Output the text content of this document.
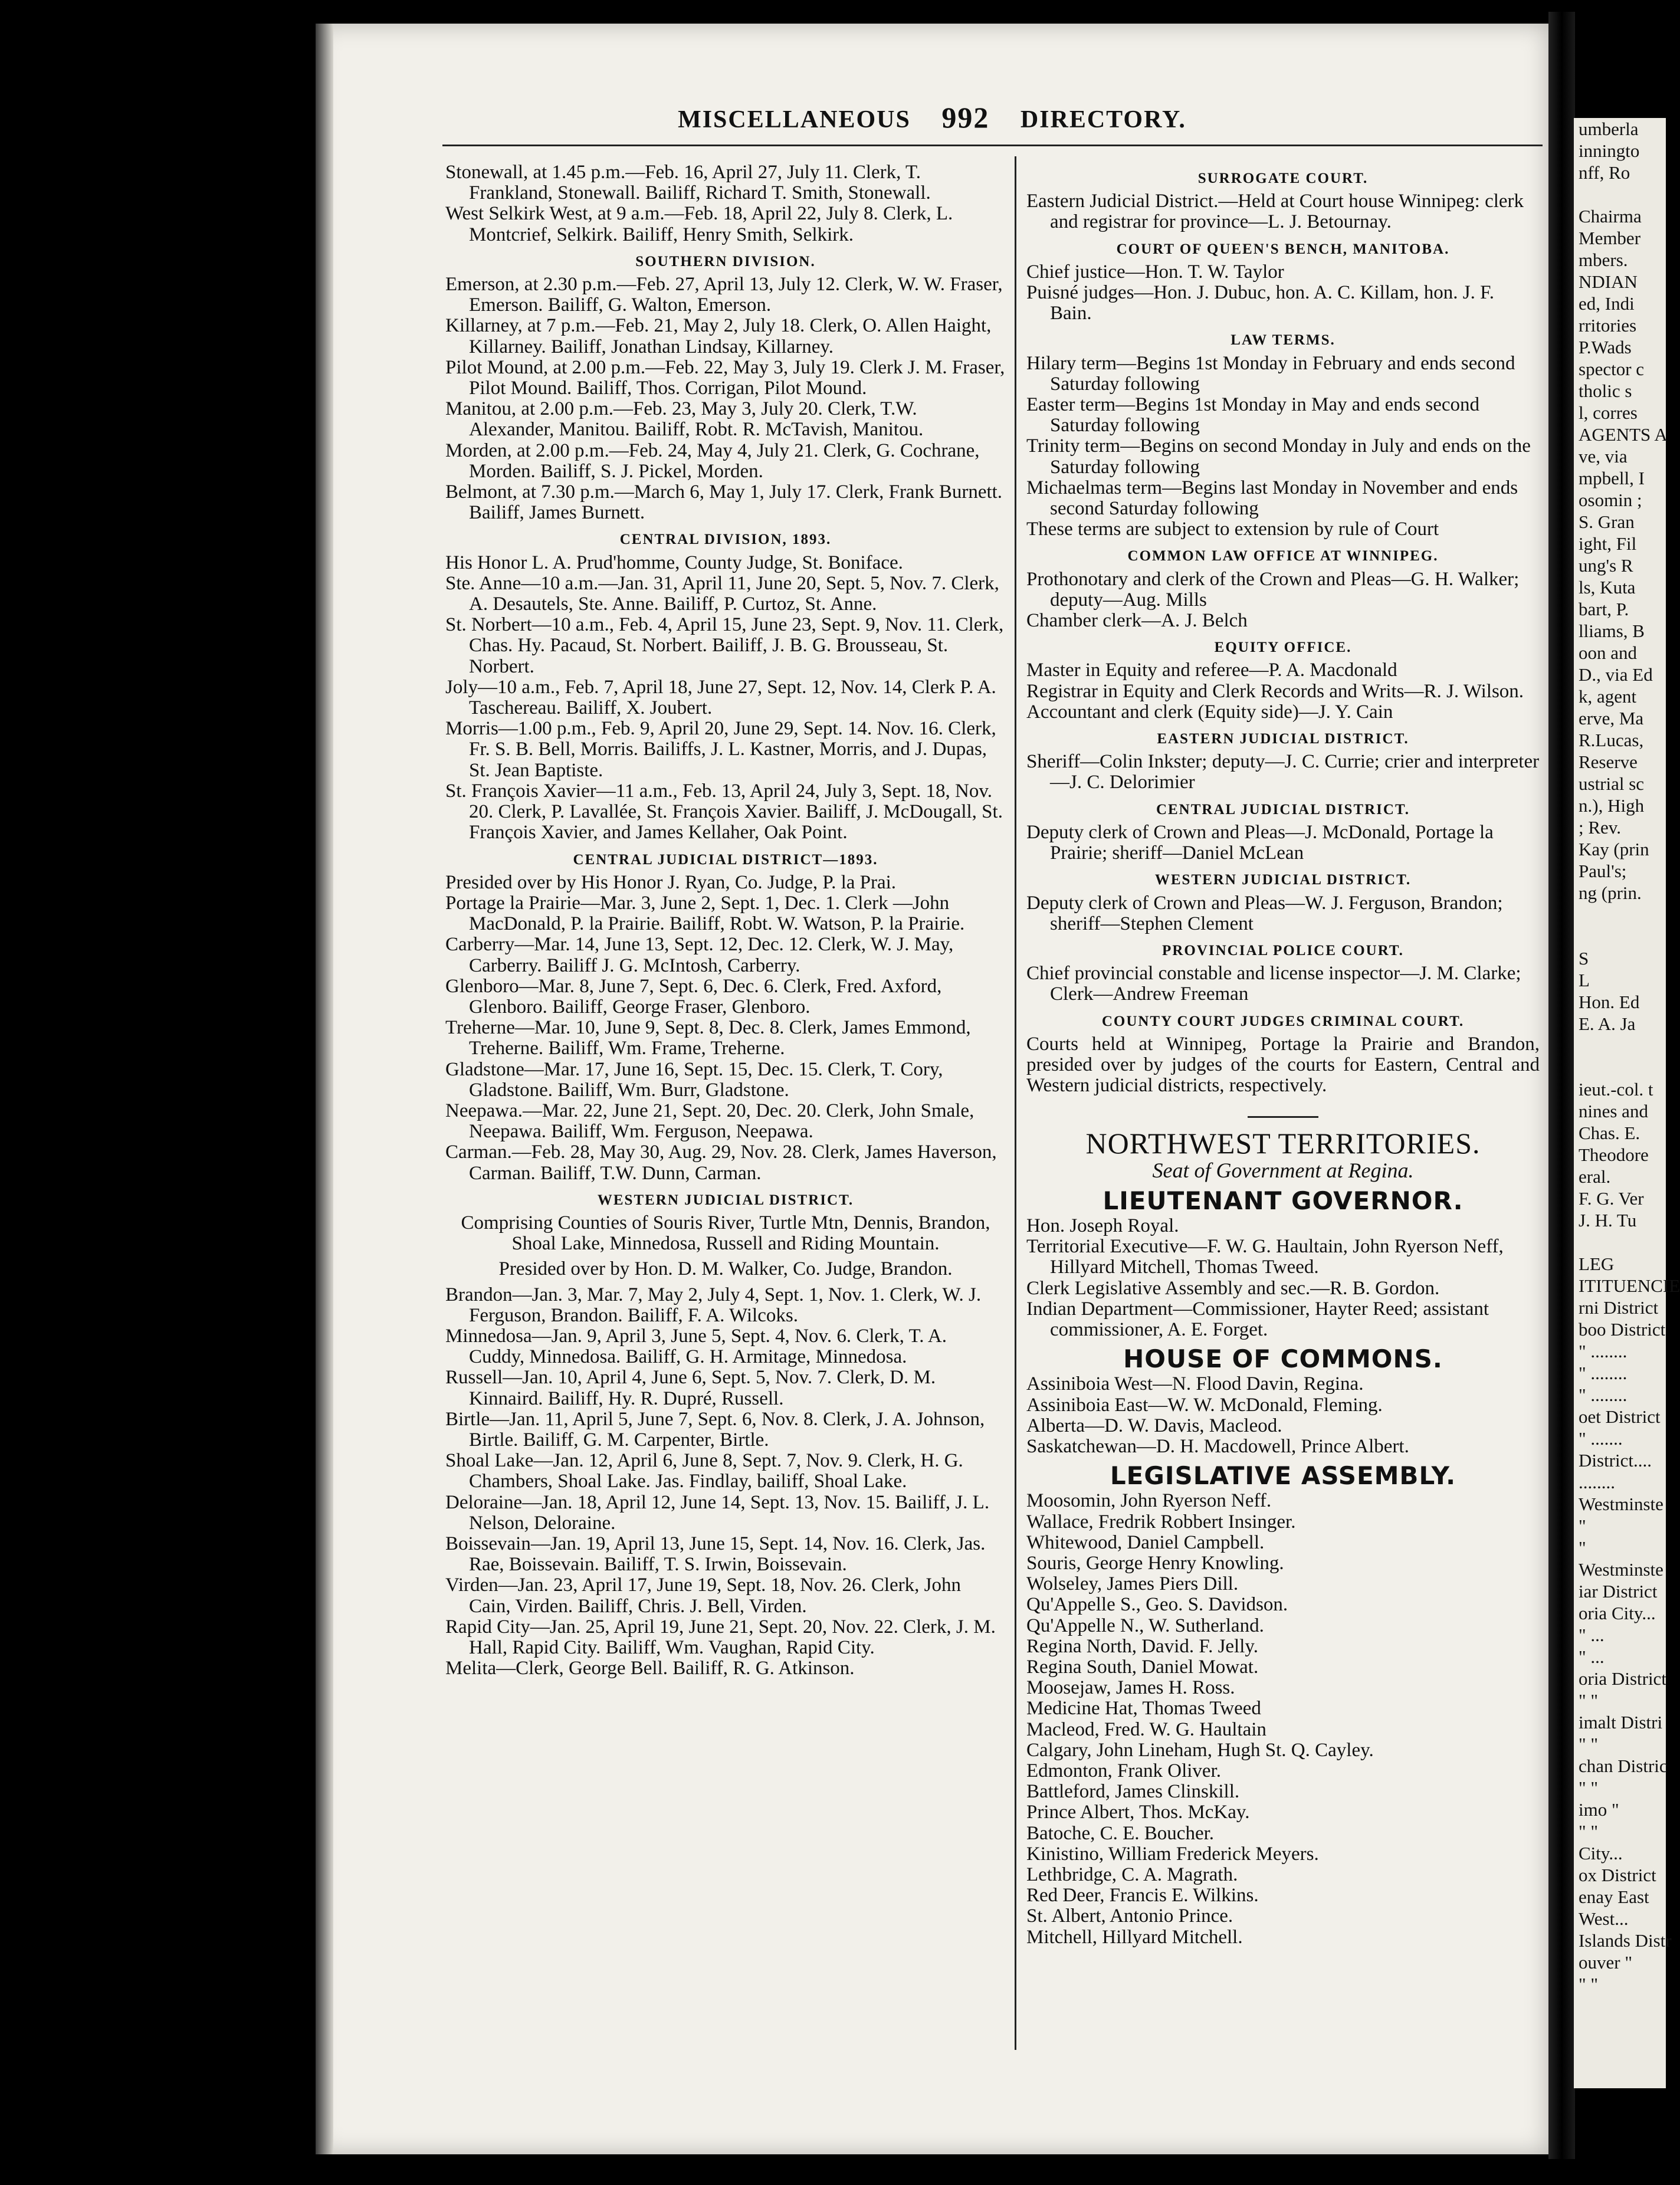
MISCELLANEOUS 992 DIRECTORY.

Stonewall, at 1.45 p.m.—Feb. 16, April 27, July 11. Clerk, T. Frankland, Stonewall. Bailiff, Richard T. Smith, Stonewall.

West Selkirk West, at 9 a.m.—Feb. 18, April 22, July 8. Clerk, L. Montcrief, Selkirk. Bailiff, Henry Smith, Selkirk.

SOUTHERN DIVISION.

Emerson, at 2.30 p.m.—Feb. 27, April 13, July 12. Clerk, W. W. Fraser, Emerson. Bailiff, G. Walton, Emerson.

Killarney, at 7 p.m.—Feb. 21, May 2, July 18. Clerk, O. Allen Haight, Killarney. Bailiff, Jonathan Lindsay, Killarney.

Pilot Mound, at 2.00 p.m.—Feb. 22, May 3, July 19. Clerk J. M. Fraser, Pilot Mound. Bailiff, Thos. Corrigan, Pilot Mound.

Manitou, at 2.00 p.m.—Feb. 23, May 3, July 20. Clerk, T.W. Alexander, Manitou. Bailiff, Robt. R. McTavish, Manitou.

Morden, at 2.00 p.m.—Feb. 24, May 4, July 21. Clerk, G. Cochrane, Morden. Bailiff, S. J. Pickel, Morden.

Belmont, at 7.30 p.m.—March 6, May 1, July 17. Clerk, Frank Burnett. Bailiff, James Burnett.

CENTRAL DIVISION, 1893.

His Honor L. A. Prud'homme, County Judge, St. Boniface.

Ste. Anne—10 a.m.—Jan. 31, April 11, June 20, Sept. 5, Nov. 7. Clerk, A. Desautels, Ste. Anne. Bailiff, P. Curtoz, St. Anne.

St. Norbert—10 a.m., Feb. 4, April 15, June 23, Sept. 9, Nov. 11. Clerk, Chas. Hy. Pacaud, St. Norbert. Bailiff, J. B. G. Brousseau, St. Norbert.

Joly—10 a.m., Feb. 7, April 18, June 27, Sept. 12, Nov. 14, Clerk P. A. Taschereau. Bailiff, X. Joubert.

Morris—1.00 p.m., Feb. 9, April 20, June 29, Sept. 14. Nov. 16. Clerk, Fr. S. B. Bell, Morris. Bailiffs, J. L. Kastner, Morris, and J. Dupas, St. Jean Baptiste.

St. François Xavier—11 a.m., Feb. 13, April 24, July 3, Sept. 18, Nov. 20. Clerk, P. Lavallée, St. François Xavier. Bailiff, J. McDougall, St. François Xavier, and James Kellaher, Oak Point.

CENTRAL JUDICIAL DISTRICT—1893.

Presided over by His Honor J. Ryan, Co. Judge, P. la Prai.

Portage la Prairie—Mar. 3, June 2, Sept. 1, Dec. 1. Clerk —John MacDonald, P. la Prairie. Bailiff, Robt. W. Watson, P. la Prairie.

Carberry—Mar. 14, June 13, Sept. 12, Dec. 12. Clerk, W. J. May, Carberry. Bailiff J. G. McIntosh, Carberry.

Glenboro—Mar. 8, June 7, Sept. 6, Dec. 6. Clerk, Fred. Axford, Glenboro. Bailiff, George Fraser, Glenboro.

Treherne—Mar. 10, June 9, Sept. 8, Dec. 8. Clerk, James Emmond, Treherne. Bailiff, Wm. Frame, Treherne.

Gladstone—Mar. 17, June 16, Sept. 15, Dec. 15. Clerk, T. Cory, Gladstone. Bailiff, Wm. Burr, Gladstone.

Neepawa.—Mar. 22, June 21, Sept. 20, Dec. 20. Clerk, John Smale, Neepawa. Bailiff, Wm. Ferguson, Neepawa.

Carman.—Feb. 28, May 30, Aug. 29, Nov. 28. Clerk, James Haverson, Carman. Bailiff, T.W. Dunn, Carman.

WESTERN JUDICIAL DISTRICT.

Comprising Counties of Souris River, Turtle Mtn, Dennis, Brandon, Shoal Lake, Minnedosa, Russell and Riding Mountain.

Presided over by Hon. D. M. Walker, Co. Judge, Brandon.

Brandon—Jan. 3, Mar. 7, May 2, July 4, Sept. 1, Nov. 1. Clerk, W. J. Ferguson, Brandon. Bailiff, F. A. Wilcoks.

Minnedosa—Jan. 9, April 3, June 5, Sept. 4, Nov. 6. Clerk, T. A. Cuddy, Minnedosa. Bailiff, G. H. Armitage, Minnedosa.

Russell—Jan. 10, April 4, June 6, Sept. 5, Nov. 7. Clerk, D. M. Kinnaird. Bailiff, Hy. R. Dupré, Russell.

Birtle—Jan. 11, April 5, June 7, Sept. 6, Nov. 8. Clerk, J. A. Johnson, Birtle. Bailiff, G. M. Carpenter, Birtle.

Shoal Lake—Jan. 12, April 6, June 8, Sept. 7, Nov. 9. Clerk, H. G. Chambers, Shoal Lake. Jas. Findlay, bailiff, Shoal Lake.

Deloraine—Jan. 18, April 12, June 14, Sept. 13, Nov. 15. Bailiff, J. L. Nelson, Deloraine.

Boissevain—Jan. 19, April 13, June 15, Sept. 14, Nov. 16. Clerk, Jas. Rae, Boissevain. Bailiff, T. S. Irwin, Boissevain.

Virden—Jan. 23, April 17, June 19, Sept. 18, Nov. 26. Clerk, John Cain, Virden. Bailiff, Chris. J. Bell, Virden.

Rapid City—Jan. 25, April 19, June 21, Sept. 20, Nov. 22. Clerk, J. M. Hall, Rapid City. Bailiff, Wm. Vaughan, Rapid City.

Melita—Clerk, George Bell. Bailiff, R. G. Atkinson.

SURROGATE COURT.

Eastern Judicial District.—Held at Court house Winnipeg: clerk and registrar for province—L. J. Betournay.

COURT OF QUEEN'S BENCH, MANITOBA.

Chief justice—Hon. T. W. Taylor

Puisné judges—Hon. J. Dubuc, hon. A. C. Killam, hon. J. F. Bain.

LAW TERMS.

Hilary term—Begins 1st Monday in February and ends second Saturday following

Easter term—Begins 1st Monday in May and ends second Saturday following

Trinity term—Begins on second Monday in July and ends on the Saturday following

Michaelmas term—Begins last Monday in November and ends second Saturday following

These terms are subject to extension by rule of Court

COMMON LAW OFFICE AT WINNIPEG.

Prothonotary and clerk of the Crown and Pleas—G. H. Walker; deputy—Aug. Mills

Chamber clerk—A. J. Belch

EQUITY OFFICE.

Master in Equity and referee—P. A. Macdonald

Registrar in Equity and Clerk Records and Writs—R. J. Wilson.

Accountant and clerk (Equity side)—J. Y. Cain

EASTERN JUDICIAL DISTRICT.

Sheriff—Colin Inkster; deputy—J. C. Currie; crier and interpreter—J. C. Delorimier

CENTRAL JUDICIAL DISTRICT.

Deputy clerk of Crown and Pleas—J. McDonald, Portage la Prairie; sheriff—Daniel McLean

WESTERN JUDICIAL DISTRICT.

Deputy clerk of Crown and Pleas—W. J. Ferguson, Brandon; sheriff—Stephen Clement

PROVINCIAL POLICE COURT.

Chief provincial constable and license inspector—J. M. Clarke; Clerk—Andrew Freeman

COUNTY COURT JUDGES CRIMINAL COURT.

Courts held at Winnipeg, Portage la Prairie and Brandon, presided over by judges of the courts for Eastern, Central and Western judicial districts, respectively.

NORTHWEST TERRITORIES.
Seat of Government at Regina.
LIEUTENANT GOVERNOR.

Hon. Joseph Royal.

Territorial Executive—F. W. G. Haultain, John Ryerson Neff, Hillyard Mitchell, Thomas Tweed.

Clerk Legislative Assembly and sec.—R. B. Gordon.

Indian Department—Commissioner, Hayter Reed; assistant commissioner, A. E. Forget.

HOUSE OF COMMONS.

Assiniboia West—N. Flood Davin, Regina.

Assiniboia East—W. W. McDonald, Fleming.

Alberta—D. W. Davis, Macleod.

Saskatchewan—D. H. Macdowell, Prince Albert.

LEGISLATIVE ASSEMBLY.

Moosomin, John Ryerson Neff.

Wallace, Fredrik Robbert Insinger.

Whitewood, Daniel Campbell.

Souris, George Henry Knowling.

Wolseley, James Piers Dill.

Qu'Appelle S., Geo. S. Davidson.

Qu'Appelle N., W. Sutherland.

Regina North, David. F. Jelly.

Regina South, Daniel Mowat.

Moosejaw, James H. Ross.

Medicine Hat, Thomas Tweed

Macleod, Fred. W. G. Haultain

Calgary, John Lineham, Hugh St. Q. Cayley.

Edmonton, Frank Oliver.

Battleford, James Clinskill.

Prince Albert, Thos. McKay.

Batoche, C. E. Boucher.

Kinistino, William Frederick Meyers.

Lethbridge, C. A. Magrath.

Red Deer, Francis E. Wilkins.

St. Albert, Antonio Prince.

Mitchell, Hillyard Mitchell.

umberla
inningto
nff, Ro

Chairma
Member
mbers.
NDIAN
ed, Indi
rritories
P.Wads
spector c
tholic s
l, corres
AGENTS A
ve, via
mpbell, I
osomin ;
S. Gran
ight, Fil
ung's R
ls, Kuta
bart, P.
lliams, B
oon and
D., via Ed
k, agent
erve, Ma
R.Lucas,
Reserve
ustrial sc
n.), High
; Rev.
Kay (prin
Paul's;
ng (prin.

S
L
Hon. Ed
E. A. Ja

ieut.-col. t
nines and
Chas. E.
Theodore
eral.
F. G. Ver
J. H. Tu

LEG
ITITUENCIE
rni District
boo District
" ........
" ........
" ........
oet District
" .......
District....
........
Westminste
"
"
Westminste
iar District
oria City...
" ...
" ...
oria District
" "
imalt Distri
" "
chan Distric
" "
imo "
" "
City...
ox District
enay East
West...
Islands Distr
ouver "
" "
